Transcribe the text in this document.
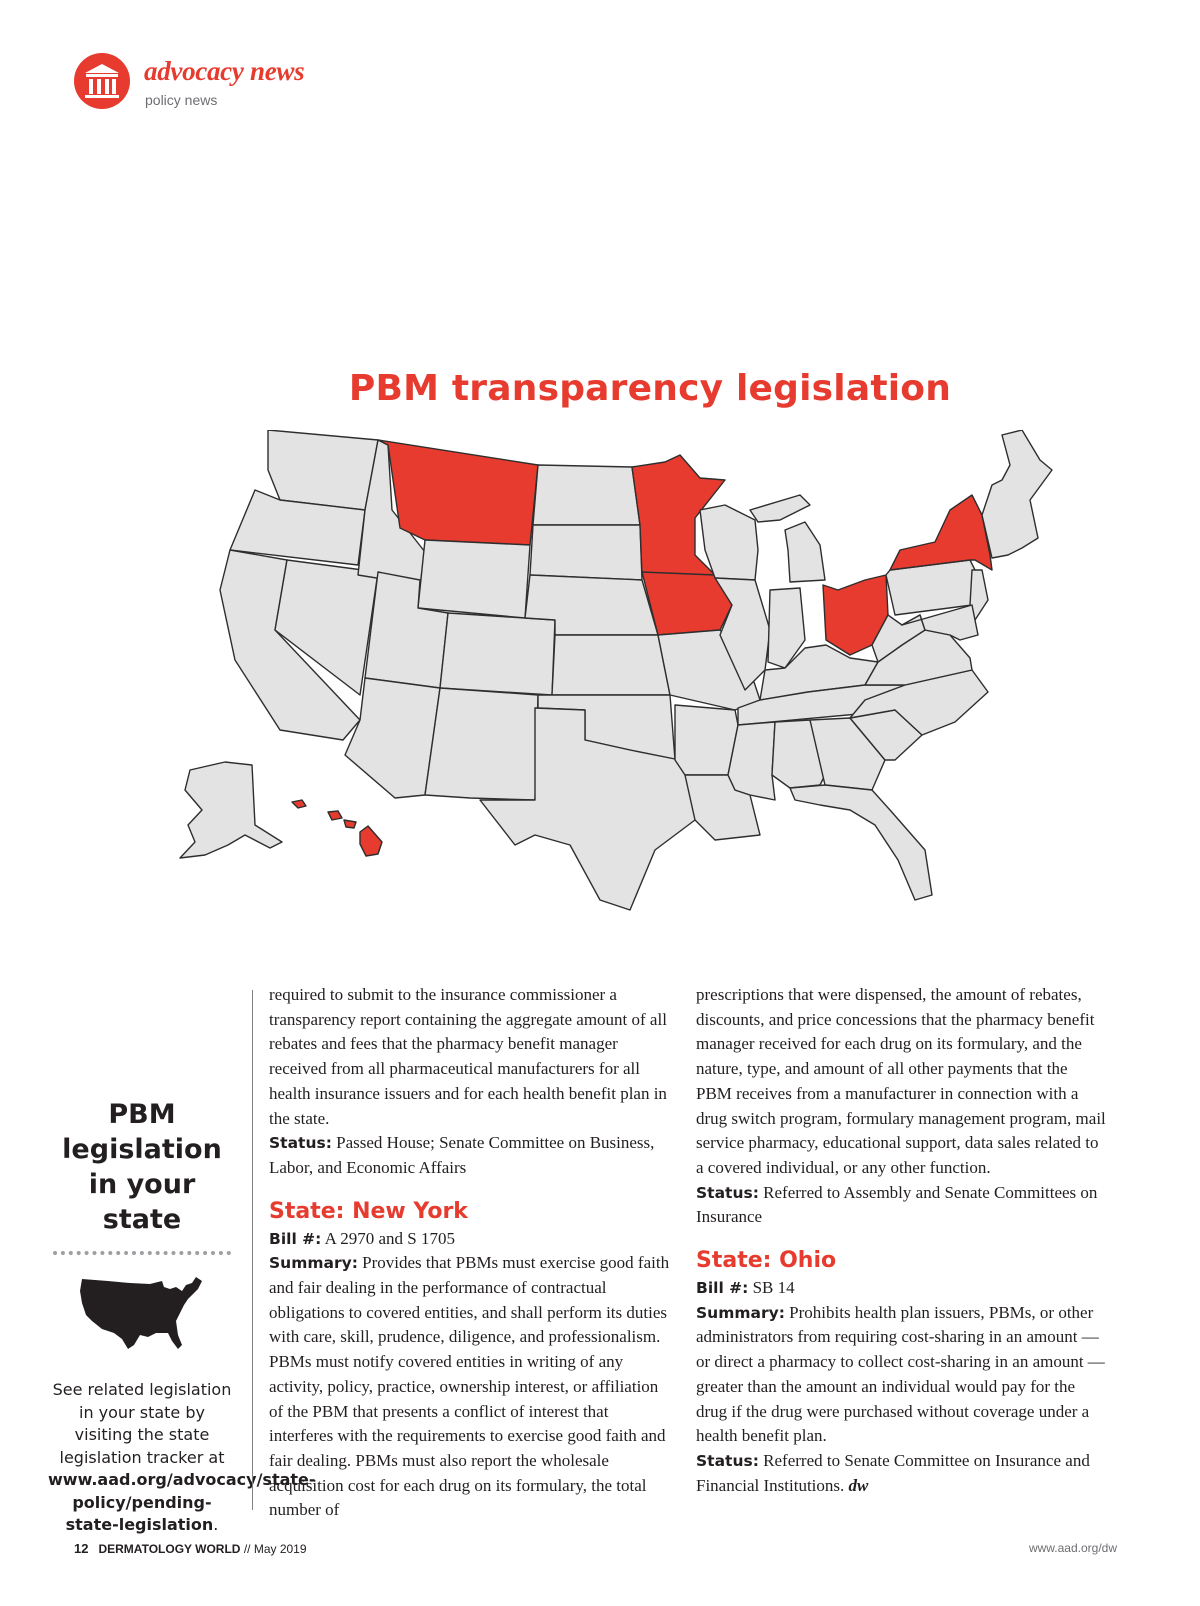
advocacy news
policy news
PBM transparency legislation
PBM legislation in your state
See related legislation in your state by visiting the state legislation tracker at www.aad.org/advocacy/state-policy/pending-state-legislation.

required to submit to the insurance commissioner a transparency report containing the aggregate amount of all rebates and fees that the pharmacy benefit manager received from all pharmaceutical manufacturers for all health insurance issuers and for each health benefit plan in the state.

Status: Passed House; Senate Committee on Business, Labor, and Economic Affairs

State: New York

Bill #: A 2970 and S 1705

Summary: Provides that PBMs must exercise good faith and fair dealing in the performance of contractual obligations to covered entities, and shall perform its duties with care, skill, prudence, diligence, and professionalism. PBMs must notify covered entities in writing of any activity, policy, practice, ownership interest, or affiliation of the PBM that presents a conflict of interest that interferes with the requirements to exercise good faith and fair dealing. PBMs must also report the wholesale acquisition cost for each drug on its formulary, the total number of

prescriptions that were dispensed, the amount of rebates, discounts, and price concessions that the pharmacy benefit manager received for each drug on its formulary, and the nature, type, and amount of all other payments that the PBM receives from a manufacturer in connection with a drug switch program, formulary management program, mail service pharmacy, educational support, data sales related to a covered individual, or any other function.

Status: Referred to Assembly and Senate Committees on Insurance

State: Ohio

Bill #: SB 14

Summary: Prohibits health plan issuers, PBMs, or other administrators from requiring cost-sharing in an amount — or direct a pharmacy to collect cost-sharing in an amount — greater than the amount an individual would pay for the drug if the drug were purchased without coverage under a health benefit plan.

Status: Referred to Senate Committee on Insurance and Financial Institutions. dw

12 DERMATOLOGY WORLD // May 2019	www.aad.org/dw
